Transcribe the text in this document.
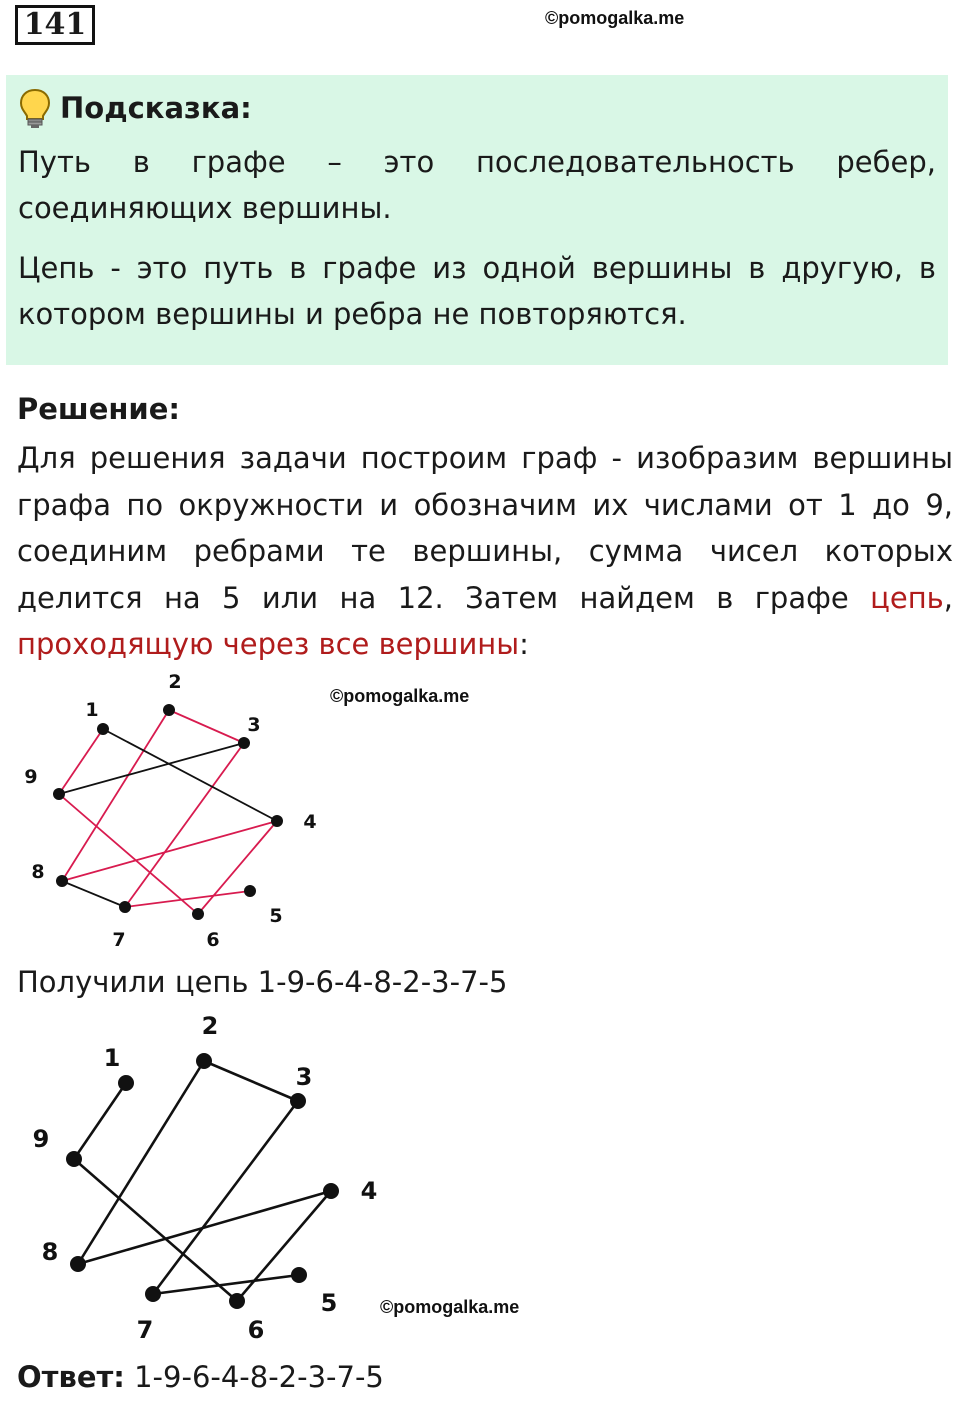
141	©pomogalka.me
Подсказка:

Путь в графе – это последовательность ребер, соединяющих вершины.

Цепь - это путь в графе из одной вершины в другую, в котором вершины и ребра не повторяются.

Решение:

Для решения задачи построим граф - изобразим вершины графа по окружности и обозначим их числами от 1 до 9, соединим ребрами те вершины, сумма чисел которых делится на 5 или на 12. Затем найдем в графе цепь, проходящую через все вершины:

1
2
3
4
5
6
7
8
9
©pomogalka.me
Получили цепь 1-9-6-4-8-2-3-7-5
1
2
3
4
5
6
7
8
9
©pomogalka.me
Ответ: 1-9-6-4-8-2-3-7-5
